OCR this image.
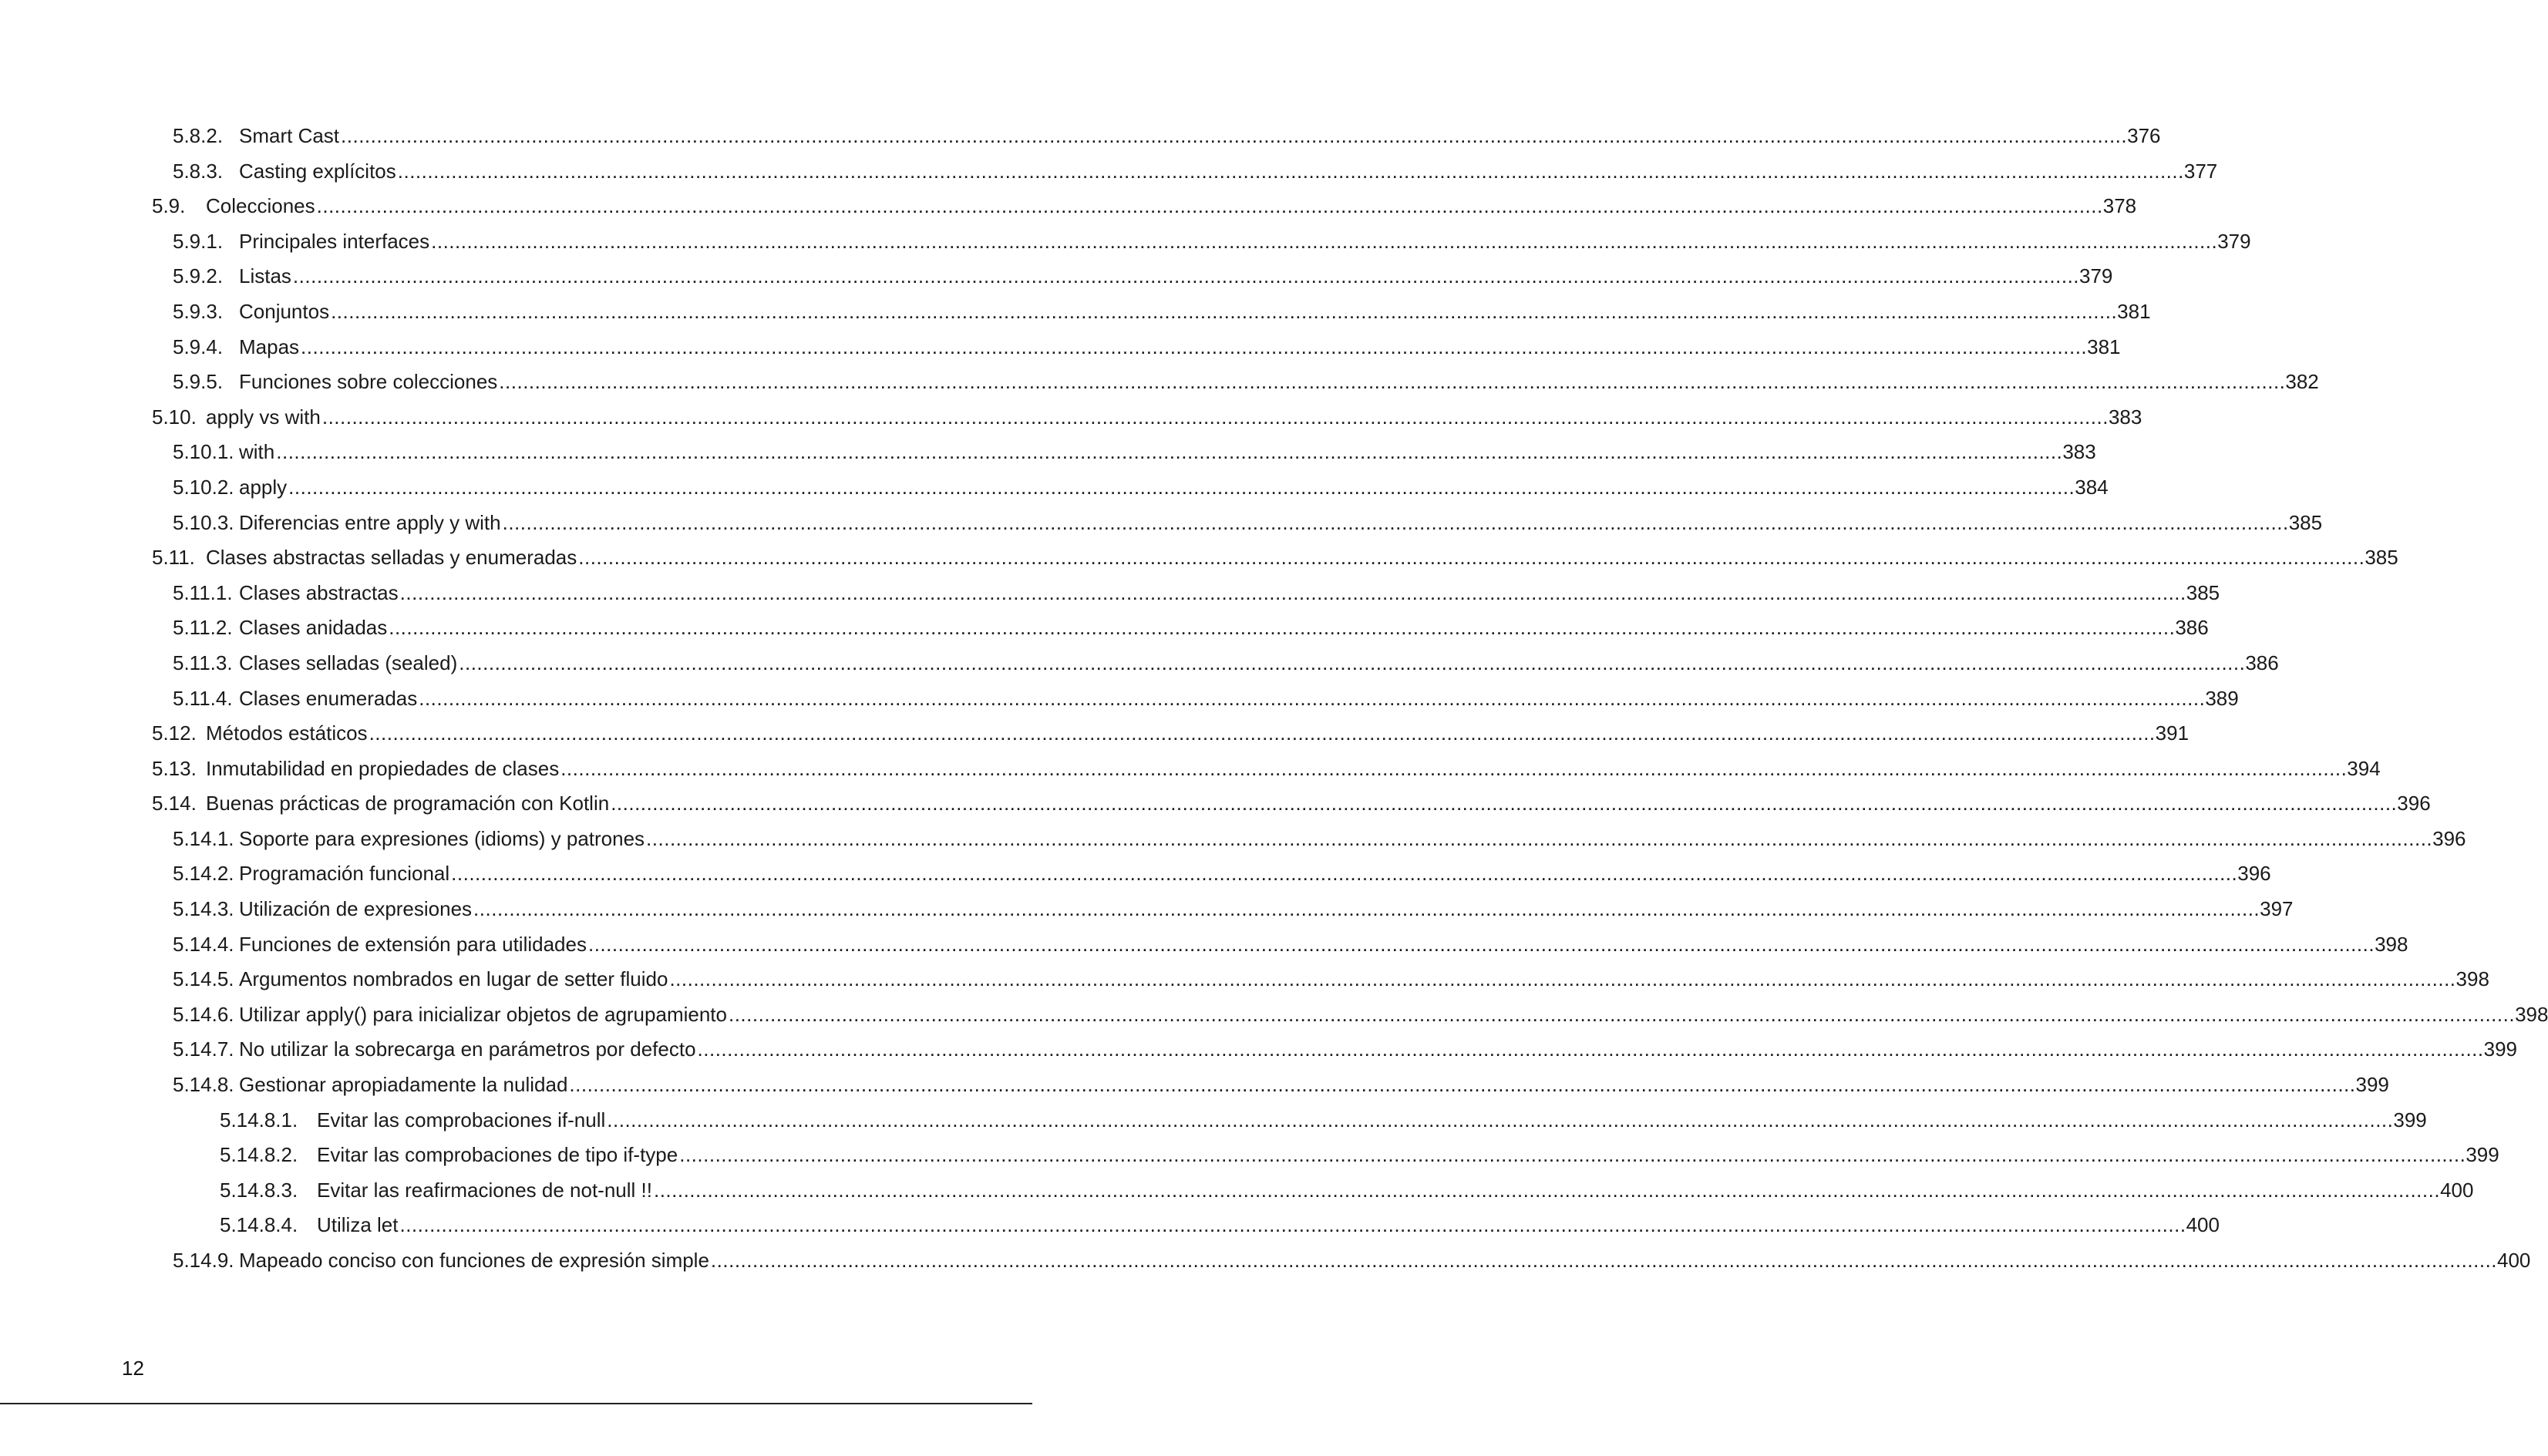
5.8.2. Smart Cast ............................................................................................................................................................................................................................................................................................................ 376
5.8.3. Casting explícitos ............................................................................................................................................................................................................................................................................................................ 377
5.9. Colecciones ............................................................................................................................................................................................................................................................................................................ 378
5.9.1. Principales interfaces ............................................................................................................................................................................................................................................................................................................ 379
5.9.2. Listas ............................................................................................................................................................................................................................................................................................................ 379
5.9.3. Conjuntos ............................................................................................................................................................................................................................................................................................................ 381
5.9.4. Mapas ............................................................................................................................................................................................................................................................................................................ 381
5.9.5. Funciones sobre colecciones ............................................................................................................................................................................................................................................................................................................ 382
5.10. apply vs with ............................................................................................................................................................................................................................................................................................................ 383
5.10.1. with ............................................................................................................................................................................................................................................................................................................ 383
5.10.2. apply ............................................................................................................................................................................................................................................................................................................ 384
5.10.3. Diferencias entre apply y with ............................................................................................................................................................................................................................................................................................................ 385
5.11. Clases abstractas selladas y enumeradas ............................................................................................................................................................................................................................................................................................................ 385
5.11.1. Clases abstractas ............................................................................................................................................................................................................................................................................................................ 385
5.11.2. Clases anidadas ............................................................................................................................................................................................................................................................................................................ 386
5.11.3. Clases selladas (sealed) ............................................................................................................................................................................................................................................................................................................ 386
5.11.4. Clases enumeradas ............................................................................................................................................................................................................................................................................................................ 389
5.12. Métodos estáticos ............................................................................................................................................................................................................................................................................................................ 391
5.13. Inmutabilidad en propiedades de clases ............................................................................................................................................................................................................................................................................................................ 394
5.14. Buenas prácticas de programación con Kotlin ............................................................................................................................................................................................................................................................................................................ 396
5.14.1. Soporte para expresiones (idioms) y patrones ............................................................................................................................................................................................................................................................................................................ 396
5.14.2. Programación funcional ............................................................................................................................................................................................................................................................................................................ 396
5.14.3. Utilización de expresiones ............................................................................................................................................................................................................................................................................................................ 397
5.14.4. Funciones de extensión para utilidades ............................................................................................................................................................................................................................................................................................................ 398
5.14.5. Argumentos nombrados en lugar de setter fluido ............................................................................................................................................................................................................................................................................................................ 398
5.14.6. Utilizar apply() para inicializar objetos de agrupamiento ............................................................................................................................................................................................................................................................................................................ 398
5.14.7. No utilizar la sobrecarga en parámetros por defecto ............................................................................................................................................................................................................................................................................................................ 399
5.14.8. Gestionar apropiadamente la nulidad ............................................................................................................................................................................................................................................................................................................ 399
5.14.8.1. Evitar las comprobaciones if-null ............................................................................................................................................................................................................................................................................................................ 399
5.14.8.2. Evitar las comprobaciones de tipo if-type ............................................................................................................................................................................................................................................................................................................ 399
5.14.8.3. Evitar las reafirmaciones de not-null !! ............................................................................................................................................................................................................................................................................................................ 400
5.14.8.4. Utiliza let ............................................................................................................................................................................................................................................................................................................ 400
5.14.9. Mapeado conciso con funciones de expresión simple ............................................................................................................................................................................................................................................................................................................ 400
12
